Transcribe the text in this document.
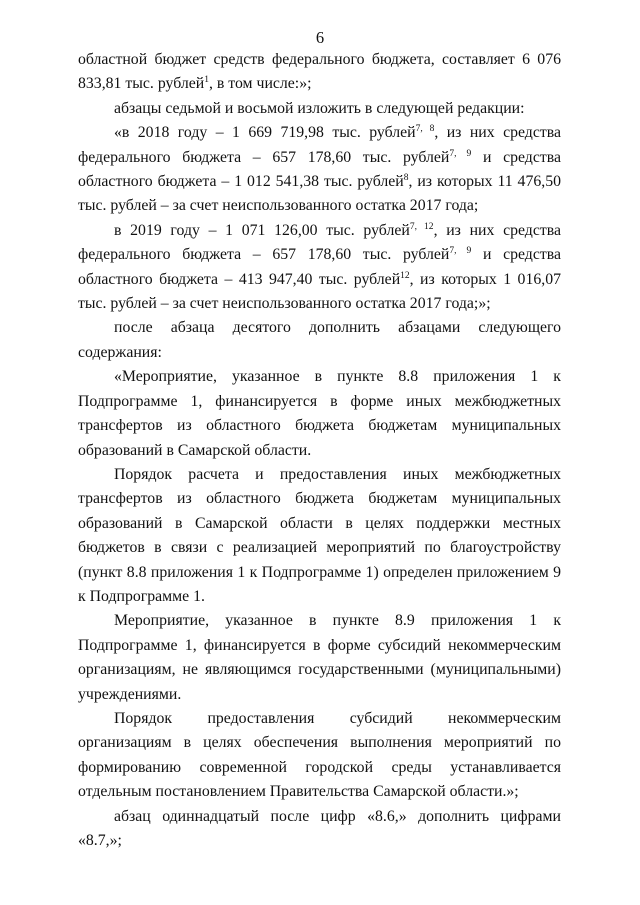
6

областной бюджет средств федерального бюджета, составляет 6 076 833,81 тыс. рублей$^1$, в том числе:»;

абзацы седьмой и восьмой изложить в следующей редакции:

«в 2018 году – 1 669 719,98 тыс. рублей$^{7, 8}$, из них средства федерального бюджета – 657 178,60 тыс. рублей$^{7, 9}$ и средства областного бюджета – 1 012 541,38 тыс. рублей$^8$, из которых 11 476,50 тыс. рублей – за счет неиспользованного остатка 2017 года;

в 2019 году – 1 071 126,00 тыс. рублей$^{7, 12}$, из них средства федерального бюджета – 657 178,60 тыс. рублей$^{7, 9}$ и средства областного бюджета – 413 947,40 тыс. рублей$^{12}$, из которых 1 016,07 тыс. рублей – за счет неиспользованного остатка 2017 года;»;

после абзаца десятого дополнить абзацами следующего содержания:

«Мероприятие, указанное в пункте 8.8 приложения 1 к Подпрограмме 1, финансируется в форме иных межбюджетных трансфертов из областного бюджета бюджетам муниципальных образований в Самарской области.

Порядок расчета и предоставления иных межбюджетных трансфертов из областного бюджета бюджетам муниципальных образований в Самарской области в целях поддержки местных бюджетов в связи с реализацией мероприятий по благоустройству (пункт 8.8 приложения 1 к Подпрограмме 1) определен приложением 9 к Подпрограмме 1.

Мероприятие, указанное в пункте 8.9 приложения 1 к Подпрограмме 1, финансируется в форме субсидий некоммерческим организациям, не являющимся государственными (муниципальными) учреждениями.

Порядок предоставления субсидий некоммерческим организациям в целях обеспечения выполнения мероприятий по формированию современной городской среды устанавливается отдельным постановлением Правительства Самарской области.»;

абзац одиннадцатый после цифр «8.6,» дополнить цифрами «8.7,»;
